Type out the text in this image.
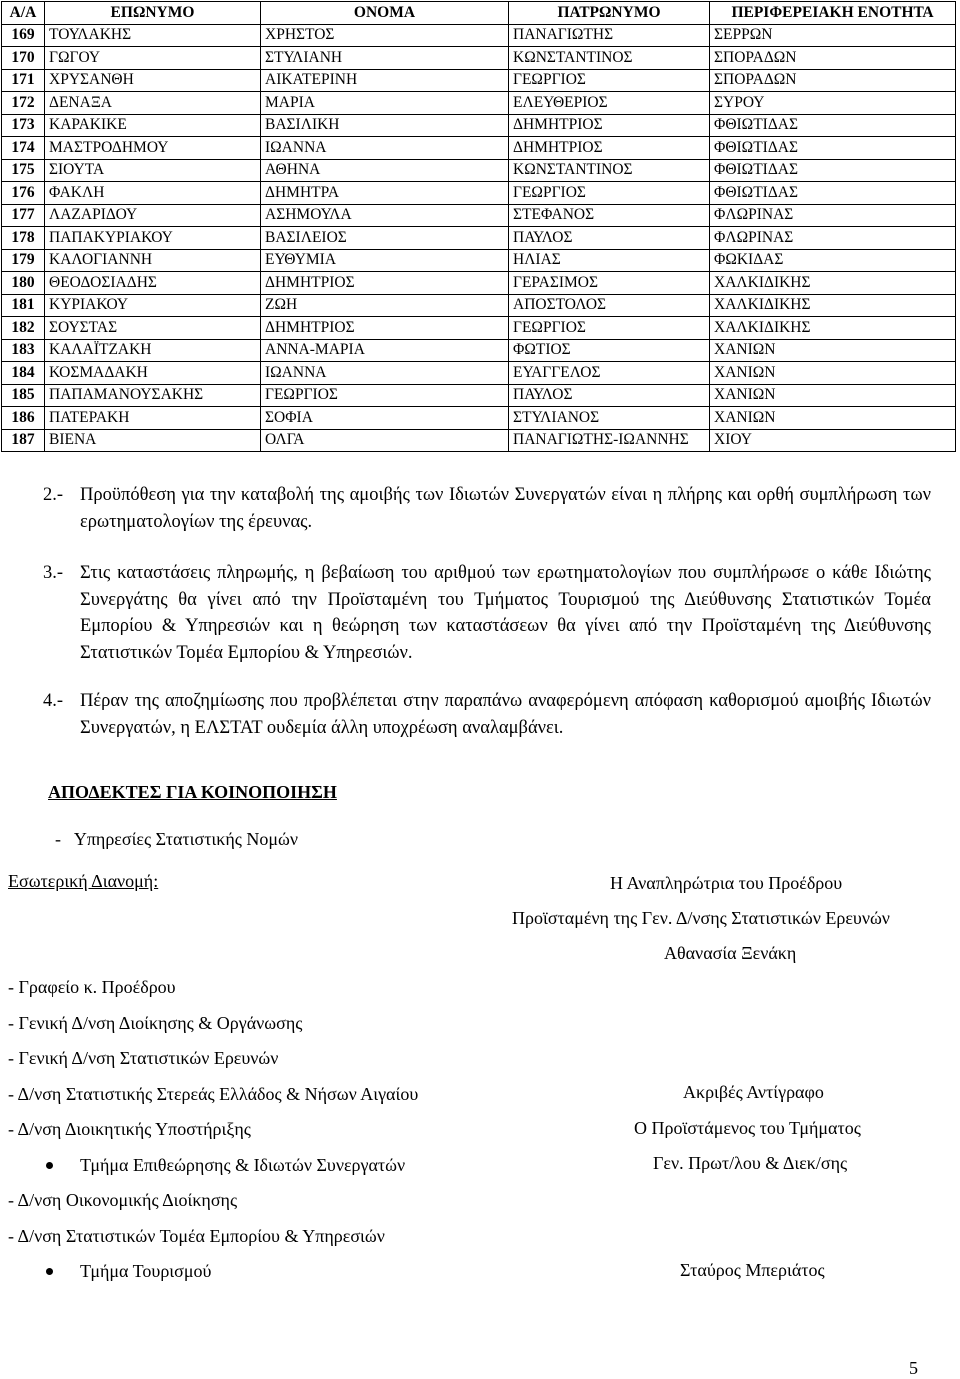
Α/Α	ΕΠΩΝΥΜΟ	ΟΝΟΜΑ	ΠΑΤΡΩΝΥΜΟ	ΠΕΡΙΦΕΡΕΙΑΚΗ ΕΝΟΤΗΤΑ
169	ΤΟΥΛΑΚΗΣ	ΧΡΗΣΤΟΣ	ΠΑΝΑΓΙΩΤΗΣ	ΣΕΡΡΩΝ
170	ΓΩΓΟΥ	ΣΤΥΛΙΑΝΗ	ΚΩΝΣΤΑΝΤΙΝΟΣ	ΣΠΟΡΑΔΩΝ
171	ΧΡΥΣΑΝΘΗ	ΑΙΚΑΤΕΡΙΝΗ	ΓΕΩΡΓΙΟΣ	ΣΠΟΡΑΔΩΝ
172	ΔΕΝΑΞΑ	ΜΑΡΙΑ	ΕΛΕΥΘΕΡΙΟΣ	ΣΥΡΟΥ
173	ΚΑΡΑΚΙΚΕ	ΒΑΣΙΛΙΚΗ	ΔΗΜΗΤΡΙΟΣ	ΦΘΙΩΤΙΔΑΣ
174	ΜΑΣΤΡΟΔΗΜΟΥ	ΙΩΑΝΝΑ	ΔΗΜΗΤΡΙΟΣ	ΦΘΙΩΤΙΔΑΣ
175	ΣΙΟΥΤΑ	ΑΘΗΝΑ	ΚΩΝΣΤΑΝΤΙΝΟΣ	ΦΘΙΩΤΙΔΑΣ
176	ΦΑΚΛΗ	ΔΗΜΗΤΡΑ	ΓΕΩΡΓΙΟΣ	ΦΘΙΩΤΙΔΑΣ
177	ΛΑΖΑΡΙΔΟΥ	ΑΣΗΜΟΥΛΑ	ΣΤΕΦΑΝΟΣ	ΦΛΩΡΙΝΑΣ
178	ΠΑΠΑΚΥΡΙΑΚΟΥ	ΒΑΣΙΛΕΙΟΣ	ΠΑΥΛΟΣ	ΦΛΩΡΙΝΑΣ
179	ΚΑΛΟΓΙΑΝΝΗ	ΕΥΘΥΜΙΑ	ΗΛΙΑΣ	ΦΩΚΙΔΑΣ
180	ΘΕΟΔΟΣΙΑΔΗΣ	ΔΗΜΗΤΡΙΟΣ	ΓΕΡΑΣΙΜΟΣ	ΧΑΛΚΙΔΙΚΗΣ
181	ΚΥΡΙΑΚΟΥ	ΖΩΗ	ΑΠΟΣΤΟΛΟΣ	ΧΑΛΚΙΔΙΚΗΣ
182	ΣΟΥΣΤΑΣ	ΔΗΜΗΤΡΙΟΣ	ΓΕΩΡΓΙΟΣ	ΧΑΛΚΙΔΙΚΗΣ
183	ΚΑΛΑΪΤΖΑΚΗ	ΑΝΝΑ-ΜΑΡΙΑ	ΦΩΤΙΟΣ	ΧΑΝΙΩΝ
184	ΚΟΣΜΑΔΑΚΗ	ΙΩΑΝΝΑ	ΕΥΑΓΓΕΛΟΣ	ΧΑΝΙΩΝ
185	ΠΑΠΑΜΑΝΟΥΣΑΚΗΣ	ΓΕΩΡΓΙΟΣ	ΠΑΥΛΟΣ	ΧΑΝΙΩΝ
186	ΠΑΤΕΡΑΚΗ	ΣΟΦΙΑ	ΣΤΥΛΙΑΝΟΣ	ΧΑΝΙΩΝ
187	ΒΙΕΝΑ	ΟΛΓΑ	ΠΑΝΑΓΙΩΤΗΣ-ΙΩΑΝΝΗΣ	ΧΙΟΥ
2.- Προϋπόθεση για την καταβολή της αμοιβής των Ιδιωτών Συνεργατών είναι η πλήρης και ορθή συμπλήρωση των ερωτηματολογίων της έρευνας.
3.- Στις καταστάσεις πληρωμής, η βεβαίωση του αριθμού των ερωτηματολογίων που συμπλήρωσε ο κάθε Ιδιώτης Συνεργάτης θα γίνει από την Προϊσταμένη του Τμήματος Τουρισμού της Διεύθυνσης Στατιστικών Τομέα Εμπορίου & Υπηρεσιών και η θεώρηση των καταστάσεων θα γίνει από την Προϊσταμένη της Διεύθυνσης Στατιστικών Τομέα Εμπορίου & Υπηρεσιών.
4.- Πέραν της αποζημίωσης που προβλέπεται στην παραπάνω αναφερόμενη απόφαση καθορισμού αμοιβής Ιδιωτών Συνεργατών, η ΕΛΣΤΑΤ ουδεμία άλλη υποχρέωση αναλαμβάνει.
ΑΠΟΔΕΚΤΕΣ ΓΙΑ ΚΟΙΝΟΠΟΙΗΣΗ
-   Υπηρεσίες Στατιστικής Νομών
Εσωτερική Διανομή:
- Γραφείο κ. Προέδρου
- Γενική Δ/νση Διοίκησης & Οργάνωσης
- Γενική Δ/νση Στατιστικών Ερευνών
- Δ/νση Στατιστικής Στερεάς Ελλάδος & Νήσων Αιγαίου
- Δ/νση Διοικητικής Υποστήριξης
Τμήμα Επιθεώρησης & Ιδιωτών Συνεργατών
- Δ/νση Οικονομικής Διοίκησης
- Δ/νση Στατιστικών Τομέα Εμπορίου & Υπηρεσιών
Τμήμα Τουρισμού
Η Αναπληρώτρια του Προέδρου
Προϊσταμένη της Γεν. Δ/νσης Στατιστικών Ερευνών
Αθανασία Ξενάκη
Ακριβές Αντίγραφο
Ο Προϊστάμενος του Τμήματος
Γεν. Πρωτ/λου & Διεκ/σης
Σταύρος Μπεριάτος
5
